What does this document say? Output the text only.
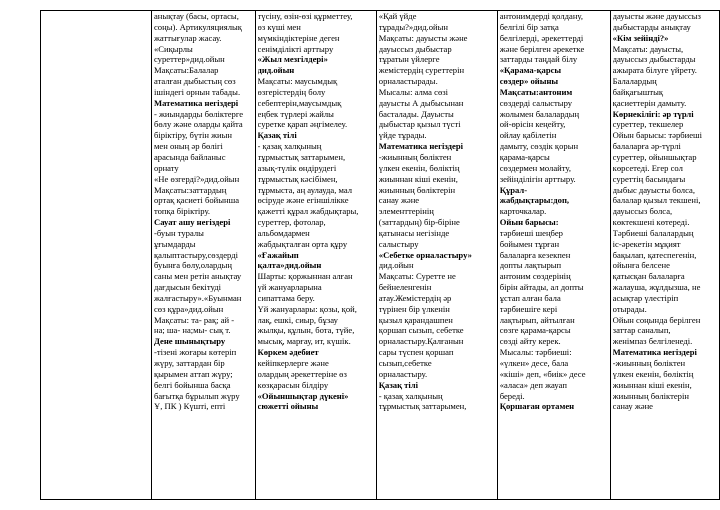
анықтау (басы, ортасы,
соңы). Артикуляциялық
жаттығулар жасау.
«Сиқырлы
суреттер»дид.ойын
Мақсаты:Балалар
аталған дыбыстың сөз
ішіндегі орнын табады.
Математика негіздері
- жиындарды бөліктерге
бөлу және оларды қайта
біріктіру, бүтін жиын
мен оның әр бөлігі
арасында байланыс
орнату
«Не өзгерді?»дид.ойын
Мақсаты:заттардың
ортақ қасиеті бойынша
топқа біріктіру.
Сауат ашу негіздері
-буын туралы
ұғымдарды
қалыптастыру,сөздерді
буынға бөлу,олардың
саны мен ретін анықтау
дағдысын бекітуді
жалғастыру».«Буынман
сөз құра»дид.ойын
Мақсаты: та- рақ; ай -
на; ша- на;мы- сық т.
Дене шынықтыру
-тізені жоғары көтеріп
жүру, заттардан бір
қырымен аттап жүру;
белгі бойынша басқа
бағытқа бұрылып жүру
Ұ, ПК ) Күшті, епті

түсіну, өзін-өзі құрметтеу,
өз күші мен
мүмкіндіктеріне деген
сенімділікті арттыру
«Жыл мезгілдері»
дид.ойын
Мақсаты: маусымдық
өзгерістердің болу
себептерін,маусымдық
еңбек түрлері жайлы
суретке қарап әңгімелеу.
Қазақ тілі
- қазақ халқының
тұрмыстық заттарымен,
азық-түлік өндірудегі
тұрмыстық кәсібімен,
тұрмыста, аң аулауда, мал
өсіруде және егіншілікке
қажетті құрал жабдықтары,
суреттер, фотолар,
альбомдармен
жабдықталған орта құру
«Ғажайып
қалта»дид.ойын
Шарты: қоржыннан алған
үй жануарларына
сипаттама беру.
Үй жануарлары: қозы, қой,
лақ, ешкі, сиыр, бұзау
жылқы, құлын, бота, түйе,
мысық, марғау, ит, күшік.
Көркем әдебиет
кейіпкерлерге және
олардың әрекеттеріне өз
көзқарасын білдіру
«Ойыншықтар дүкені»
сюжетті ойыны

«Қай үйде
тұрады?»дид.ойын
Мақсаты: дауысты және
дауыссыз дыбыстар
тұратын үйлерге
жемістердің суреттерін
орналастырады.
Мысалы: алма сөзі
дауысты А дыбысынан
басталады. Дауысты
дыбыстар қызыл түсті
үйде тұрады.
Математика негіздері
-жиынның бөліктен
үлкен екенін, бөліктің
жиыннан кіші екенін,
жиынның бөліктерін
санау және
элементтерінің
(заттардың) бір-біріне
қатынасы негізінде
салыстыру
«Себетке орналастыру»
дид.ойын
Мақсаты: Суретте не
бейнеленгенін
атау.Жемістердің әр
түрінен бір үлкенін
қызыл қарандашпен
қоршап сызып, себетке
орналастыру.Қалғанын
сары түспен қоршап
сызып,себетке
орналастыру.
Қазақ тілі
- қазақ халқының
тұрмыстық заттарымен,

антонимдерді қолдану,
белгілі бір затқа
белгілерді, әрекеттерді
және берілген әрекетке
заттарды таңдай білу
«Қарама-қарсы
сөздер» ойыны
Мақсаты:антоним
сөздерді салыстыру
жолымен балалардың
ой-өрісін кеңейту,
ойлау қабілетін
дамыту, сөздік қорын
қарама-қарсы
сөздермен молайту,
зейінділігін арттыру.
Құрал-
жабдықтары:доп,
карточкалар.
Ойын барысы:
тәрбиеші шеңбер
бойымен тұрған
балаларға кезекпен
допты лақтырып
антоним сөздерінің
бірін айтады, ал допты
ұстап алған бала
тәрбиешіге кері
лақтырып, айтылған
сөзге қарама-қарсы
сөзді айту керек.
Мысалы: тәрбиеші:
«үлкен» десе, бала
«кіші» деп, «биік» десе
«аласа» деп жауап
береді.
Қоршаған ортамен

дауысты және дауыссыз
дыбыстарды анықтау
«Кім зейінді?»
Мақсаты: дауысты,
дауыссыз дыбыстарды
ажырата білуге үйрету.
Балалардың
байқағыштық
қасиеттерін дамыту.
Көрнекілігі: әр түрлі
суреттер, текшелер
Ойын барысы: тәрбиеші
балаларға әр-түрлі
суреттер, ойыншықтар
көрсетеді. Егер сол
суреттің басындағы
дыбыс дауысты болса,
балалар қызыл текшені,
дауыссыз болса,
көктекшені көтереді.
Тәрбиеші балалардың
іс-әрекетін мұқият
бақылап, қатеспегенін,
ойынға белсене
қатысқан балаларға
жалауша, жұлдызша, не
асықтар үлестіріп
отырады.
Ойын соңында берілген
заттар саналып,
женімпаз белгіленеді.
Математика негіздері
-жиынның бөліктен
үлкен екенін, бөліктің
жиыннан кіші екенін,
жиынның бөліктерін
санау және
